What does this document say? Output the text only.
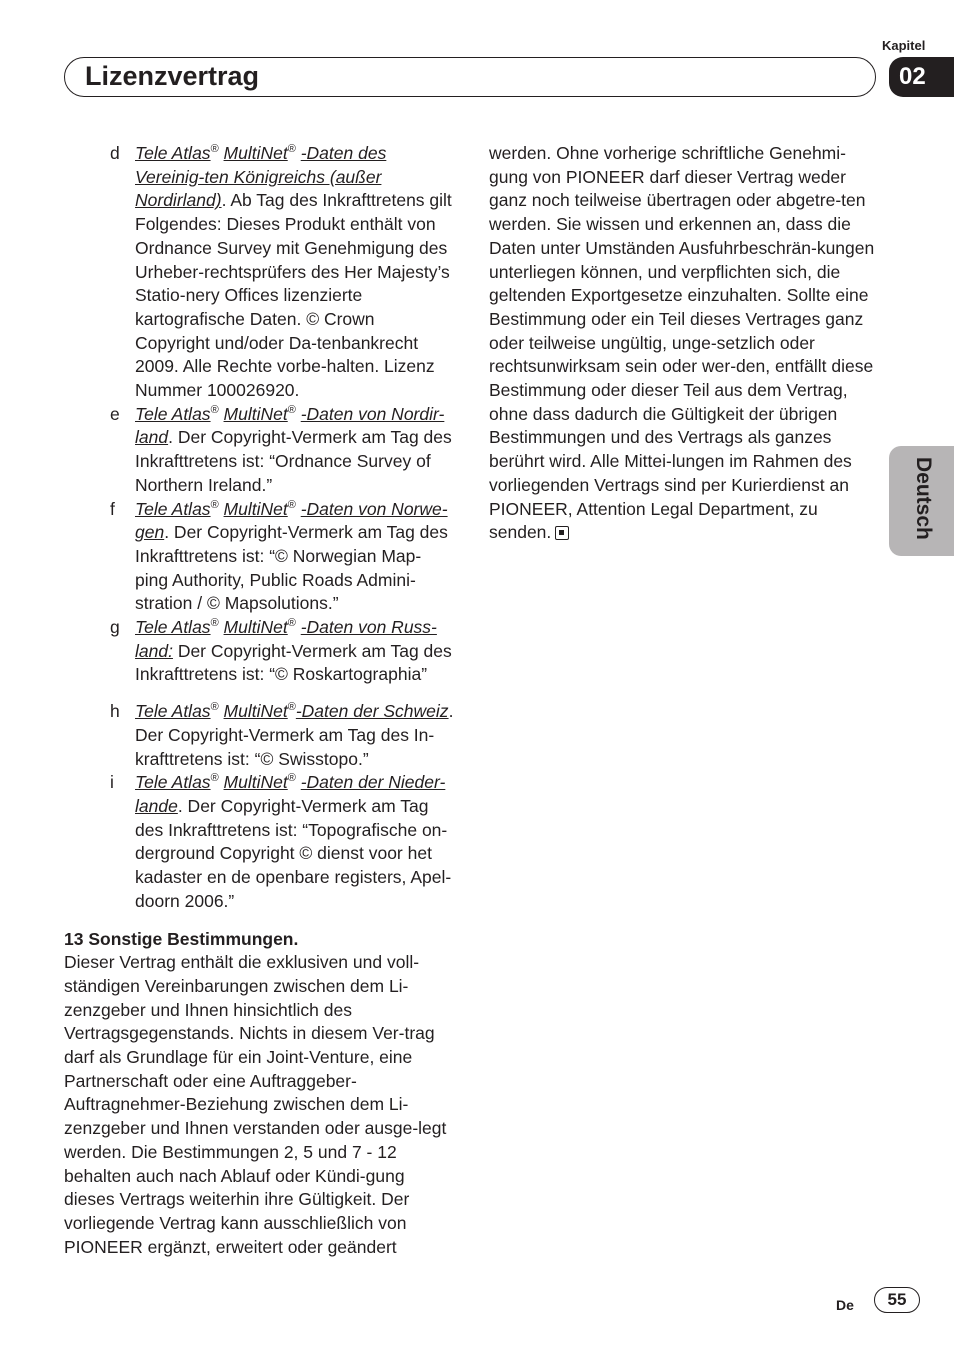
Kapitel
02
Lizenzvertrag
Deutsch
d Tele Atlas® MultiNet® -Daten des Vereinig-ten Königreichs (außer Nordirland). Ab Tag des Inkrafttretens gilt Folgendes: Dieses Produkt enthält von Ordnance Survey mit Genehmigung des Urheber-rechtsprüfers des Her Majesty’s Statio-nery Offices lizenzierte kartografische Daten. © Crown Copyright und/oder Da-tenbankrecht 2009. Alle Rechte vorbe-halten. Lizenz Nummer 100026920.
e Tele Atlas® MultiNet® -Daten von Nordir-land. Der Copyright-Vermerk am Tag des Inkrafttretens ist: “Ordnance Survey of Northern Ireland.”
f Tele Atlas® MultiNet® -Daten von Norwe-gen. Der Copyright-Vermerk am Tag des Inkrafttretens ist: “© Norwegian Map-ping Authority, Public Roads Admini-stration / © Mapsolutions.”
g Tele Atlas® MultiNet® -Daten von Russ-land: Der Copyright-Vermerk am Tag des Inkrafttretens ist: “© Roskartographia”
h Tele Atlas® MultiNet®-Daten der Schweiz. Der Copyright-Vermerk am Tag des In-krafttretens ist: “© Swisstopo.”
i Tele Atlas® MultiNet® -Daten der Nieder-lande. Der Copyright-Vermerk am Tag des Inkrafttretens ist: “Topografische on-derground Copyright © dienst voor het kadaster en de openbare registers, Apel-doorn 2006.”
13 Sonstige Bestimmungen.
Dieser Vertrag enthält die exklusiven und voll-ständigen Vereinbarungen zwischen dem Li-zenzgeber und Ihnen hinsichtlich des Vertragsgegenstands. Nichts in diesem Ver-trag darf als Grundlage für ein Joint-Venture, eine Partnerschaft oder eine Auftraggeber-Auftragnehmer-Beziehung zwischen dem Li-zenzgeber und Ihnen verstanden oder ausge-legt werden. Die Bestimmungen 2, 5 und 7 - 12 behalten auch nach Ablauf oder Kündi-gung dieses Vertrags weiterhin ihre Gültigkeit. Der vorliegende Vertrag kann ausschließlich von PIONEER ergänzt, erweitert oder geändert
werden. Ohne vorherige schriftliche Genehmi-gung von PIONEER darf dieser Vertrag weder ganz noch teilweise übertragen oder abgetre-ten werden. Sie wissen und erkennen an, dass die Daten unter Umständen Ausfuhrbeschrän-kungen unterliegen können, und verpflichten sich, die geltenden Exportgesetze einzuhalten. Sollte eine Bestimmung oder ein Teil dieses Vertrages ganz oder teilweise ungültig, unge-setzlich oder rechtsunwirksam sein oder wer-den, entfällt diese Bestimmung oder dieser Teil aus dem Vertrag, ohne dass dadurch die Gültigkeit der übrigen Bestimmungen und des Vertrags als ganzes berührt wird. Alle Mittei-lungen im Rahmen des vorliegenden Vertrags sind per Kurierdienst an PIONEER, Attention Legal Department, zu senden.
De	55
